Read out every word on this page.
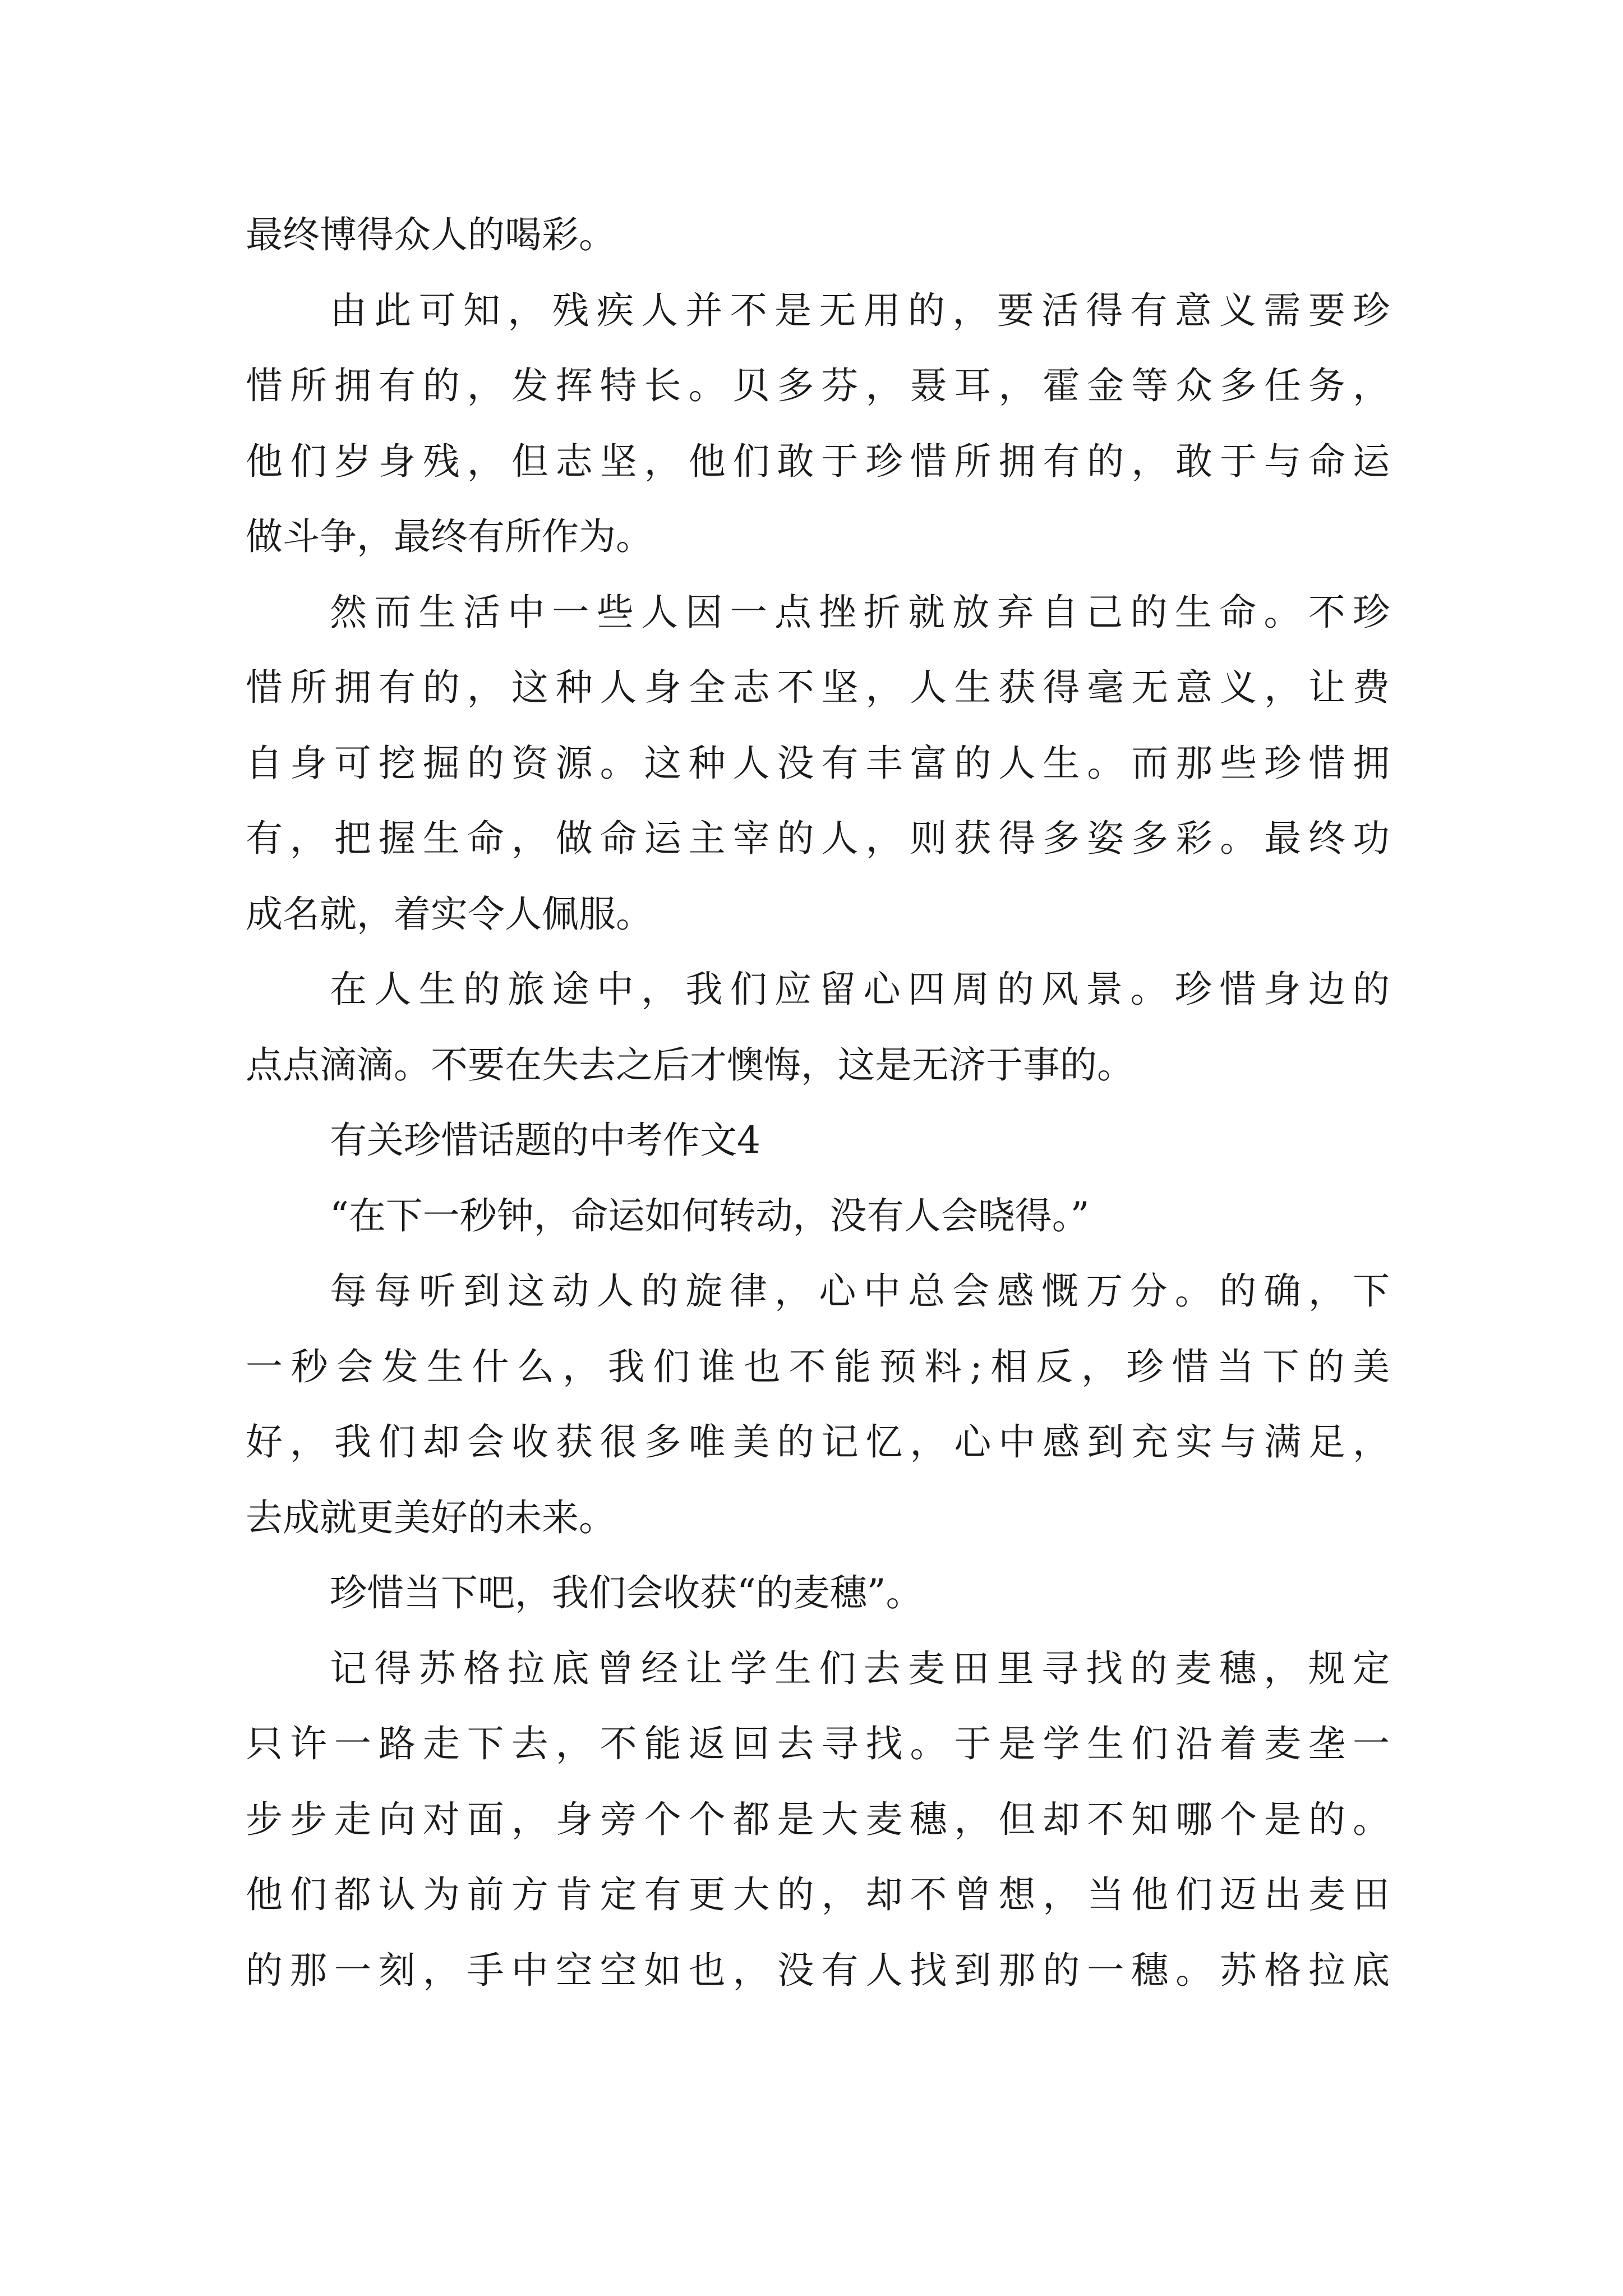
最终博得众人的喝彩。
由此可知，残疾人并不是无用的，要活得有意义需要珍
惜所拥有的，发挥特长。贝多芬，聂耳，霍金等众多任务，
他们岁身残，但志坚，他们敢于珍惜所拥有的，敢于与命运
做斗争，最终有所作为。
然而生活中一些人因一点挫折就放弃自己的生命。不珍
惜所拥有的，这种人身全志不坚，人生获得毫无意义，让费
自身可挖掘的资源。这种人没有丰富的人生。而那些珍惜拥
有，把握生命，做命运主宰的人，则获得多姿多彩。最终功
成名就，着实令人佩服。
在人生的旅途中，我们应留心四周的风景。珍惜身边的
点点滴滴。不要在失去之后才懊悔，这是无济于事的。
有关珍惜话题的中考作文4
“在下一秒钟，命运如何转动，没有人会晓得。”
每每听到这动人的旋律，心中总会感慨万分。的确，下
一秒会发生什么，我们谁也不能预料;相反，珍惜当下的美
好，我们却会收获很多唯美的记忆，心中感到充实与满足，
去成就更美好的未来。
珍惜当下吧，我们会收获“的麦穗”。
记得苏格拉底曾经让学生们去麦田里寻找的麦穗，规定
只许一路走下去，不能返回去寻找。于是学生们沿着麦垄一
步步走向对面，身旁个个都是大麦穗，但却不知哪个是的。
他们都认为前方肯定有更大的，却不曾想，当他们迈出麦田
的那一刻，手中空空如也，没有人找到那的一穗。苏格拉底
